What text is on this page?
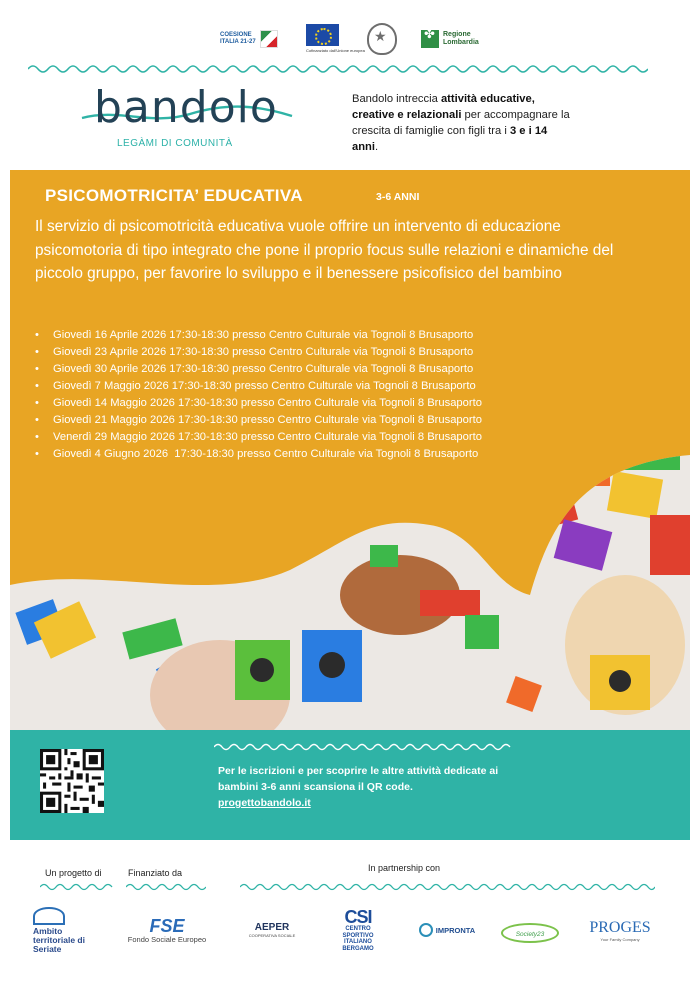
COESIONE ITALIA 21-27
Cofinanziato dall'Unione europea
★
✤
Regione Lombardia
bandolo
LEGÀMI DI COMUNITÀ
Bandolo intreccia attività educative, creative e relazionali per accompagnare la crescita di famiglie con figli tra i 3 e i 14 anni.
PSICOMOTRICITA’ EDUCATIVA	3-6 ANNI
Il servizio di psicomotricità educativa vuole offrire un intervento di educazione psicomotoria di tipo integrato che pone il proprio focus sulle relazioni e dinamiche del piccolo gruppo, per favorire lo sviluppo e il benessere psicofisico del bambino
• Giovedì 16 Aprile 2026 17:30-18:30 presso Centro Culturale via Tognoli 8 Brusaporto
• Giovedì 23 Aprile 2026 17:30-18:30 presso Centro Culturale via Tognoli 8 Brusaporto
• Giovedì 30 Aprile 2026 17:30-18:30 presso Centro Culturale via Tognoli 8 Brusaporto
• Giovedì 7 Maggio 2026 17:30-18:30 presso Centro Culturale via Tognoli 8 Brusaporto
• Giovedì 14 Maggio 2026 17:30-18:30 presso Centro Culturale via Tognoli 8 Brusaporto
• Giovedì 21 Maggio 2026 17:30-18:30 presso Centro Culturale via Tognoli 8 Brusaporto
• Venerdì 29 Maggio 2026 17:30-18:30 presso Centro Culturale via Tognoli 8 Brusaporto
• Giovedì 4 Giugno 2026  17:30-18:30 presso Centro Culturale via Tognoli 8 Brusaporto
Per le iscrizioni e per scoprire le altre attività dedicate ai bambini 3-6 anni scansiona il QR code.
progettobandolo.it
Un progetto di	Finanziato da	In partnership con
Ambito territoriale di Seriate
FSE
Fondo Sociale Europeo
AEPER
COOPERATIVA SOCIALE
CSI
CENTRO SPORTIVO ITALIANO
BERGAMO
IMPRONTA	Society23	PROGES
Your Family Company
